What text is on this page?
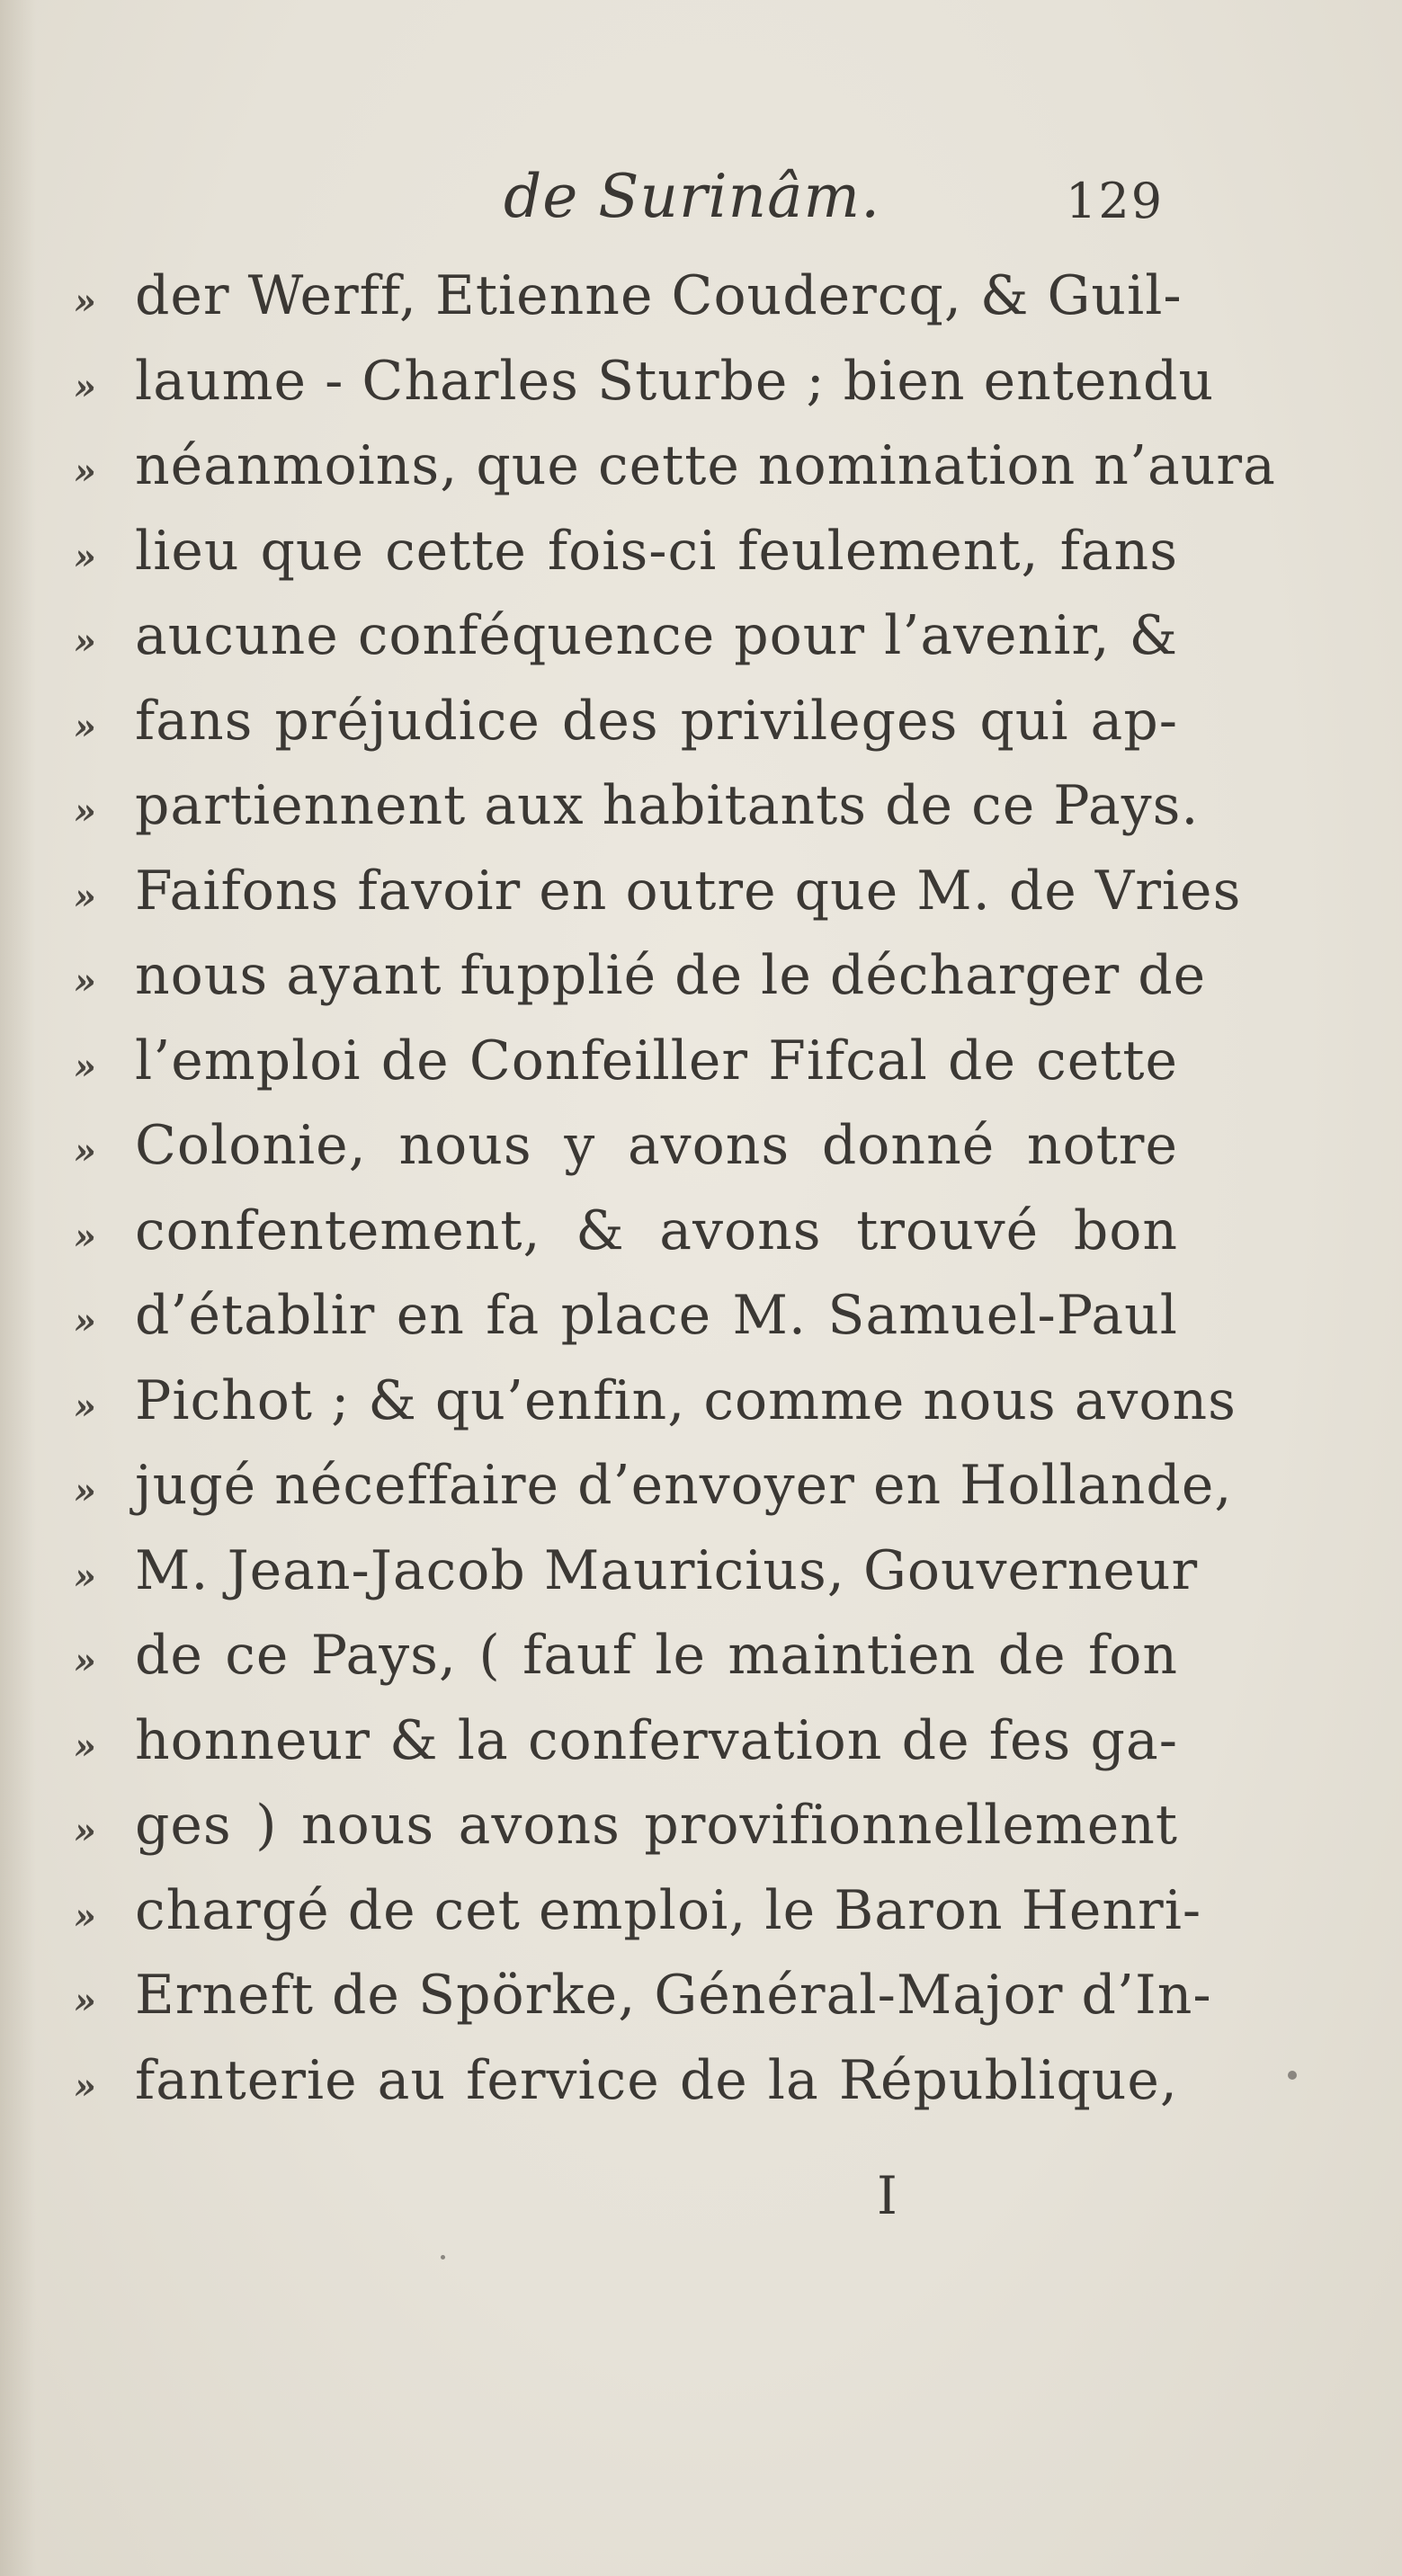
de Surinâm.	129
» der Werff, Etienne Coudercq, & Guil-
» laume - Charles Sturbe ; bien entendu
» néanmoins, que cette nomination n’aura
» lieu que cette fois-ci feulement, fans
» aucune conféquence pour l’avenir, &
» fans préjudice des privileges qui ap-
» partiennent aux habitants de ce Pays.
» Faifons favoir en outre que M. de Vries
» nous ayant fupplié de le décharger de
» l’emploi de Confeiller Fifcal de cette
» Colonie, nous y avons donné notre
» confentement, & avons trouvé bon
» d’établir en fa place M. Samuel-Paul
» Pichot ; & qu’enfin, comme nous avons
» jugé néceffaire d’envoyer en Hollande,
» M. Jean-Jacob Mauricius, Gouverneur
» de ce Pays, ( fauf le maintien de fon
» honneur & la confervation de fes ga-
» ges ) nous avons provifionnellement
» chargé de cet emploi, le Baron Henri-
» Erneft de Spörke, Général-Major d’In-
» fanterie au fervice de la République,
I
